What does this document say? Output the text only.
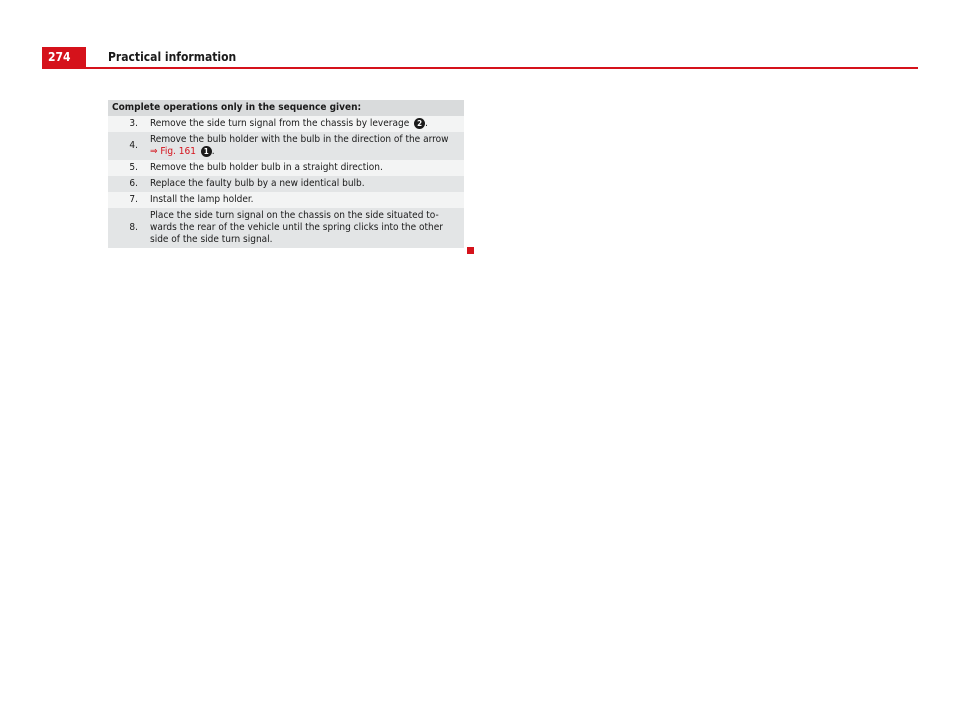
274	Practical information
Complete operations only in the sequence given:	
3.	Remove the side turn signal from the chassis by leverage 2 .
4.	Remove the bulb holder with the bulb in the direction of the arrow
⇒ Fig. 161 1 .
5.	Remove the bulb holder bulb in a straight direction.
6.	Replace the faulty bulb by a new identical bulb.
7.	Install the lamp holder.
8.	Place the side turn signal on the chassis on the side situated to-wards the rear of the vehicle until the spring clicks into the other side of the side turn signal.
